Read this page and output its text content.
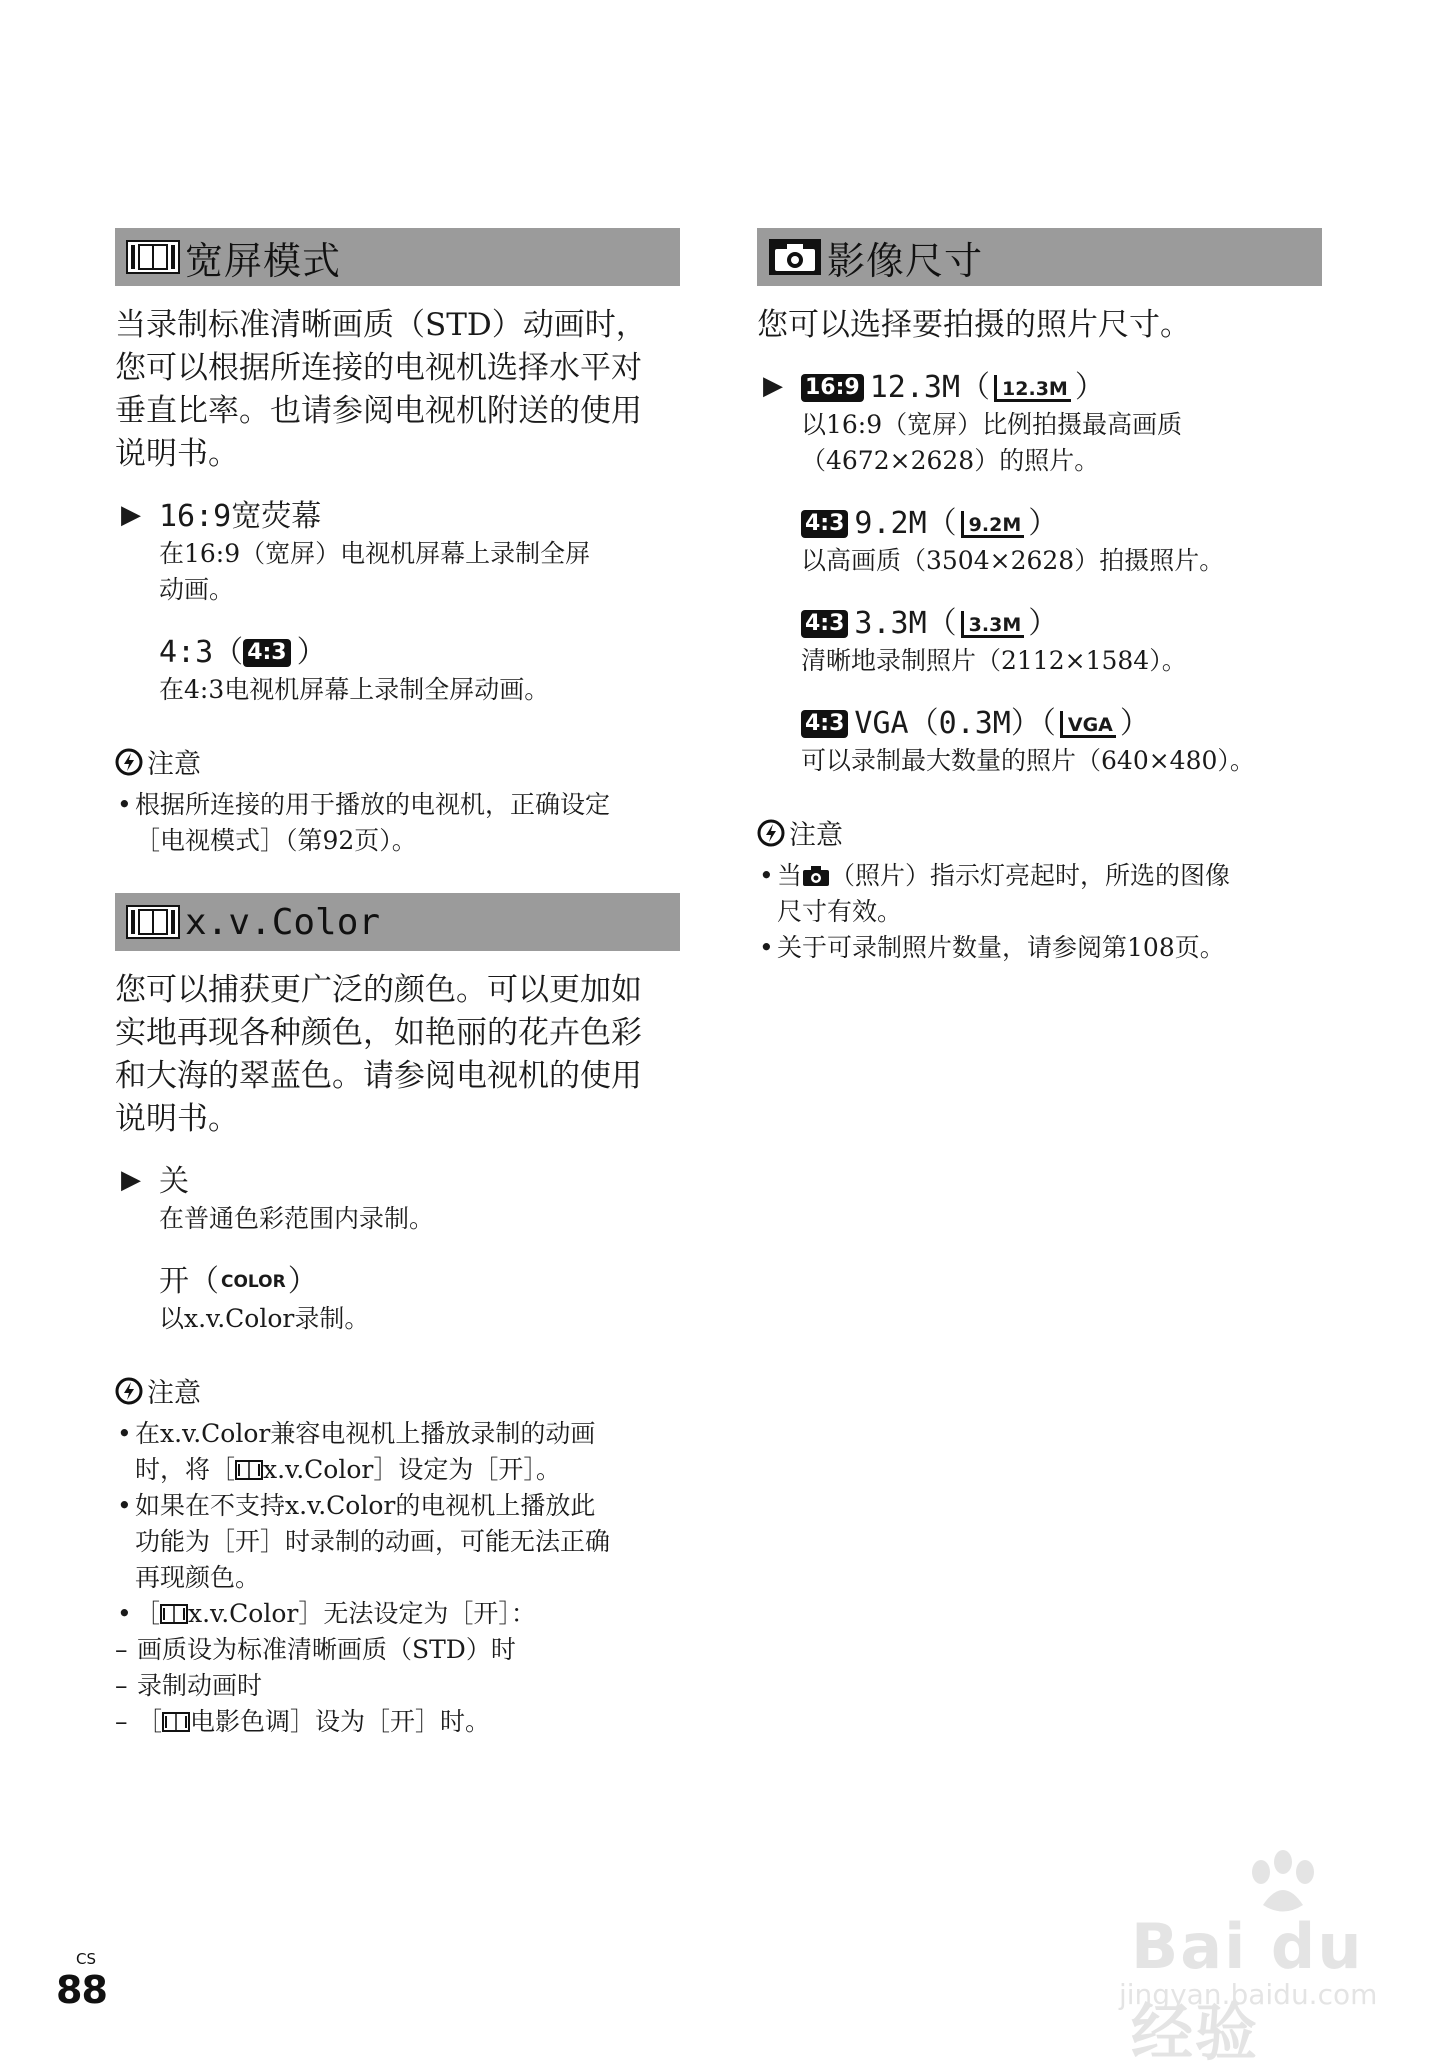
宽屏模式

当录制标准清晰画质（STD）动画时，
您可以根据所连接的电视机选择水平对
垂直比率。也请参阅电视机附送的使用
说明书。

▶ 16:9宽荧幕
在16:9（宽屏）电视机屏幕上录制全屏
动画。
4:3（ 4:3 ）
在4:3电视机屏幕上录制全屏动画。
注意
• 根据所连接的用于播放的电视机，正确设定
［电视模式］（第92页）。
x.v.Color

您可以捕获更广泛的颜色。可以更加如
实地再现各种颜色，如艳丽的花卉色彩
和大海的翠蓝色。请参阅电视机的使用
说明书。

▶ 关
在普通色彩范围内录制。
开（ COLOR ）
以x.v.Color录制。
注意
• 在x.v.Color兼容电视机上播放录制的动画
时，将［ x.v.Color］设定为［开］。
• 如果在不支持x.v.Color的电视机上播放此
功能为［开］时录制的动画，可能无法正确
再现颜色。
• ［ x.v.Color］无法设定为［开］：
– 画质设为标准清晰画质（STD）时
– 录制动画时
– ［ 电影色调］设为［开］时。
影像尺寸

您可以选择要拍摄的照片尺寸。

▶ 16:9 12.3M（ 12.3M ）
以16:9（宽屏）比例拍摄最高画质
（4672×2628）的照片。
4:3 9.2M（ 9.2M ）
以高画质（3504×2628）拍摄照片。
4:3 3.3M（ 3.3M ）
清晰地录制照片（2112×1584）。
4:3 VGA（0.3M）（ VGA ）
可以录制最大数量的照片（640×480）。
注意
• 当 （照片）指示灯亮起时，所选的图像
尺寸有效。
• 关于可录制照片数量，请参阅第108页。
CS
88
Bai du 经验
jingyan.baidu.com
